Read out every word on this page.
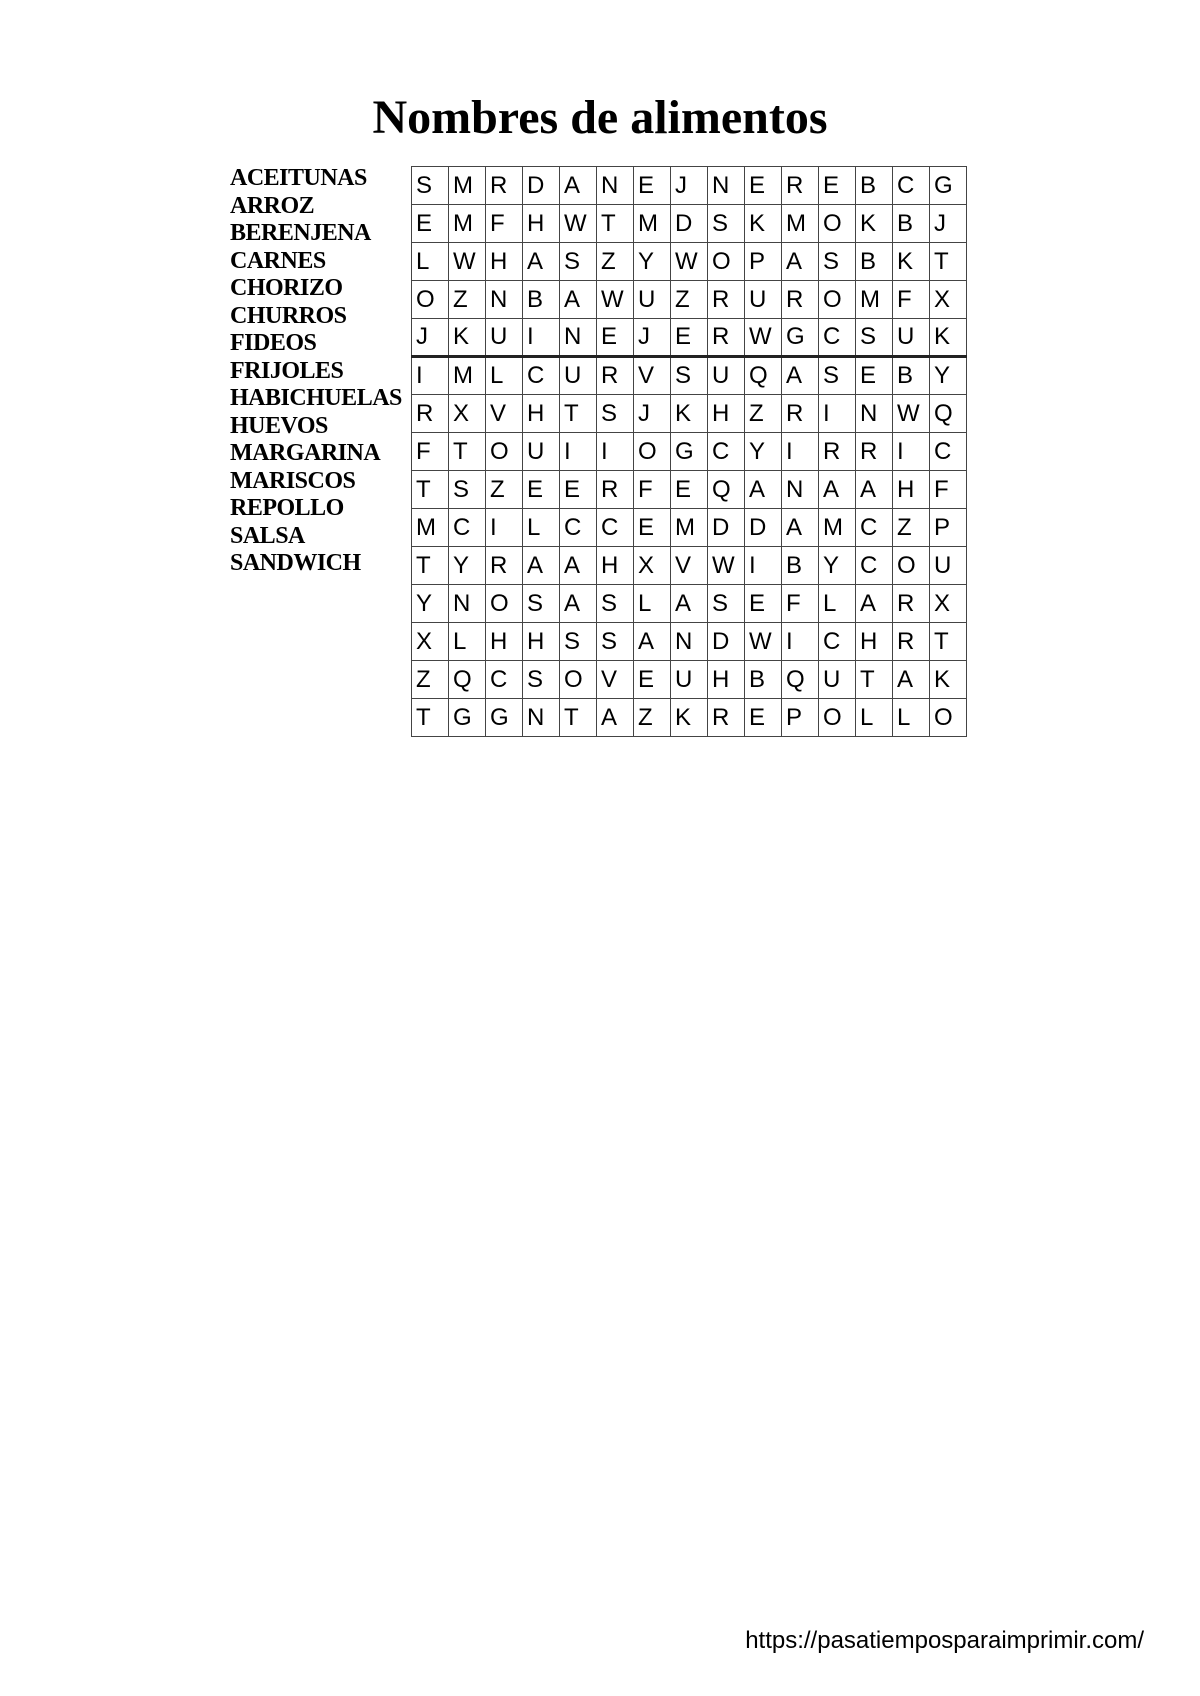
Nombres de alimentos
ACEITUNAS
ARROZ
BERENJENA
CARNES
CHORIZO
CHURROS
FIDEOS
FRIJOLES
HABICHUELAS
HUEVOS
MARGARINA
MARISCOS
REPOLLO
SALSA
SANDWICH
S	M	R	D	A	N	E	J	N	E	R	E	B	C	G
E	M	F	H	W	T	M	D	S	K	M	O	K	B	J
L	W	H	A	S	Z	Y	W	O	P	A	S	B	K	T
O	Z	N	B	A	W	U	Z	R	U	R	O	M	F	X
J	K	U	I	N	E	J	E	R	W	G	C	S	U	K
I	M	L	C	U	R	V	S	U	Q	A	S	E	B	Y
R	X	V	H	T	S	J	K	H	Z	R	I	N	W	Q
F	T	O	U	I	I	O	G	C	Y	I	R	R	I	C
T	S	Z	E	E	R	F	E	Q	A	N	A	A	H	F
M	C	I	L	C	C	E	M	D	D	A	M	C	Z	P
T	Y	R	A	A	H	X	V	W	I	B	Y	C	O	U
Y	N	O	S	A	S	L	A	S	E	F	L	A	R	X
X	L	H	H	S	S	A	N	D	W	I	C	H	R	T
Z	Q	C	S	O	V	E	U	H	B	Q	U	T	A	K
T	G	G	N	T	A	Z	K	R	E	P	O	L	L	O
https://pasatiemposparaimprimir.com/
